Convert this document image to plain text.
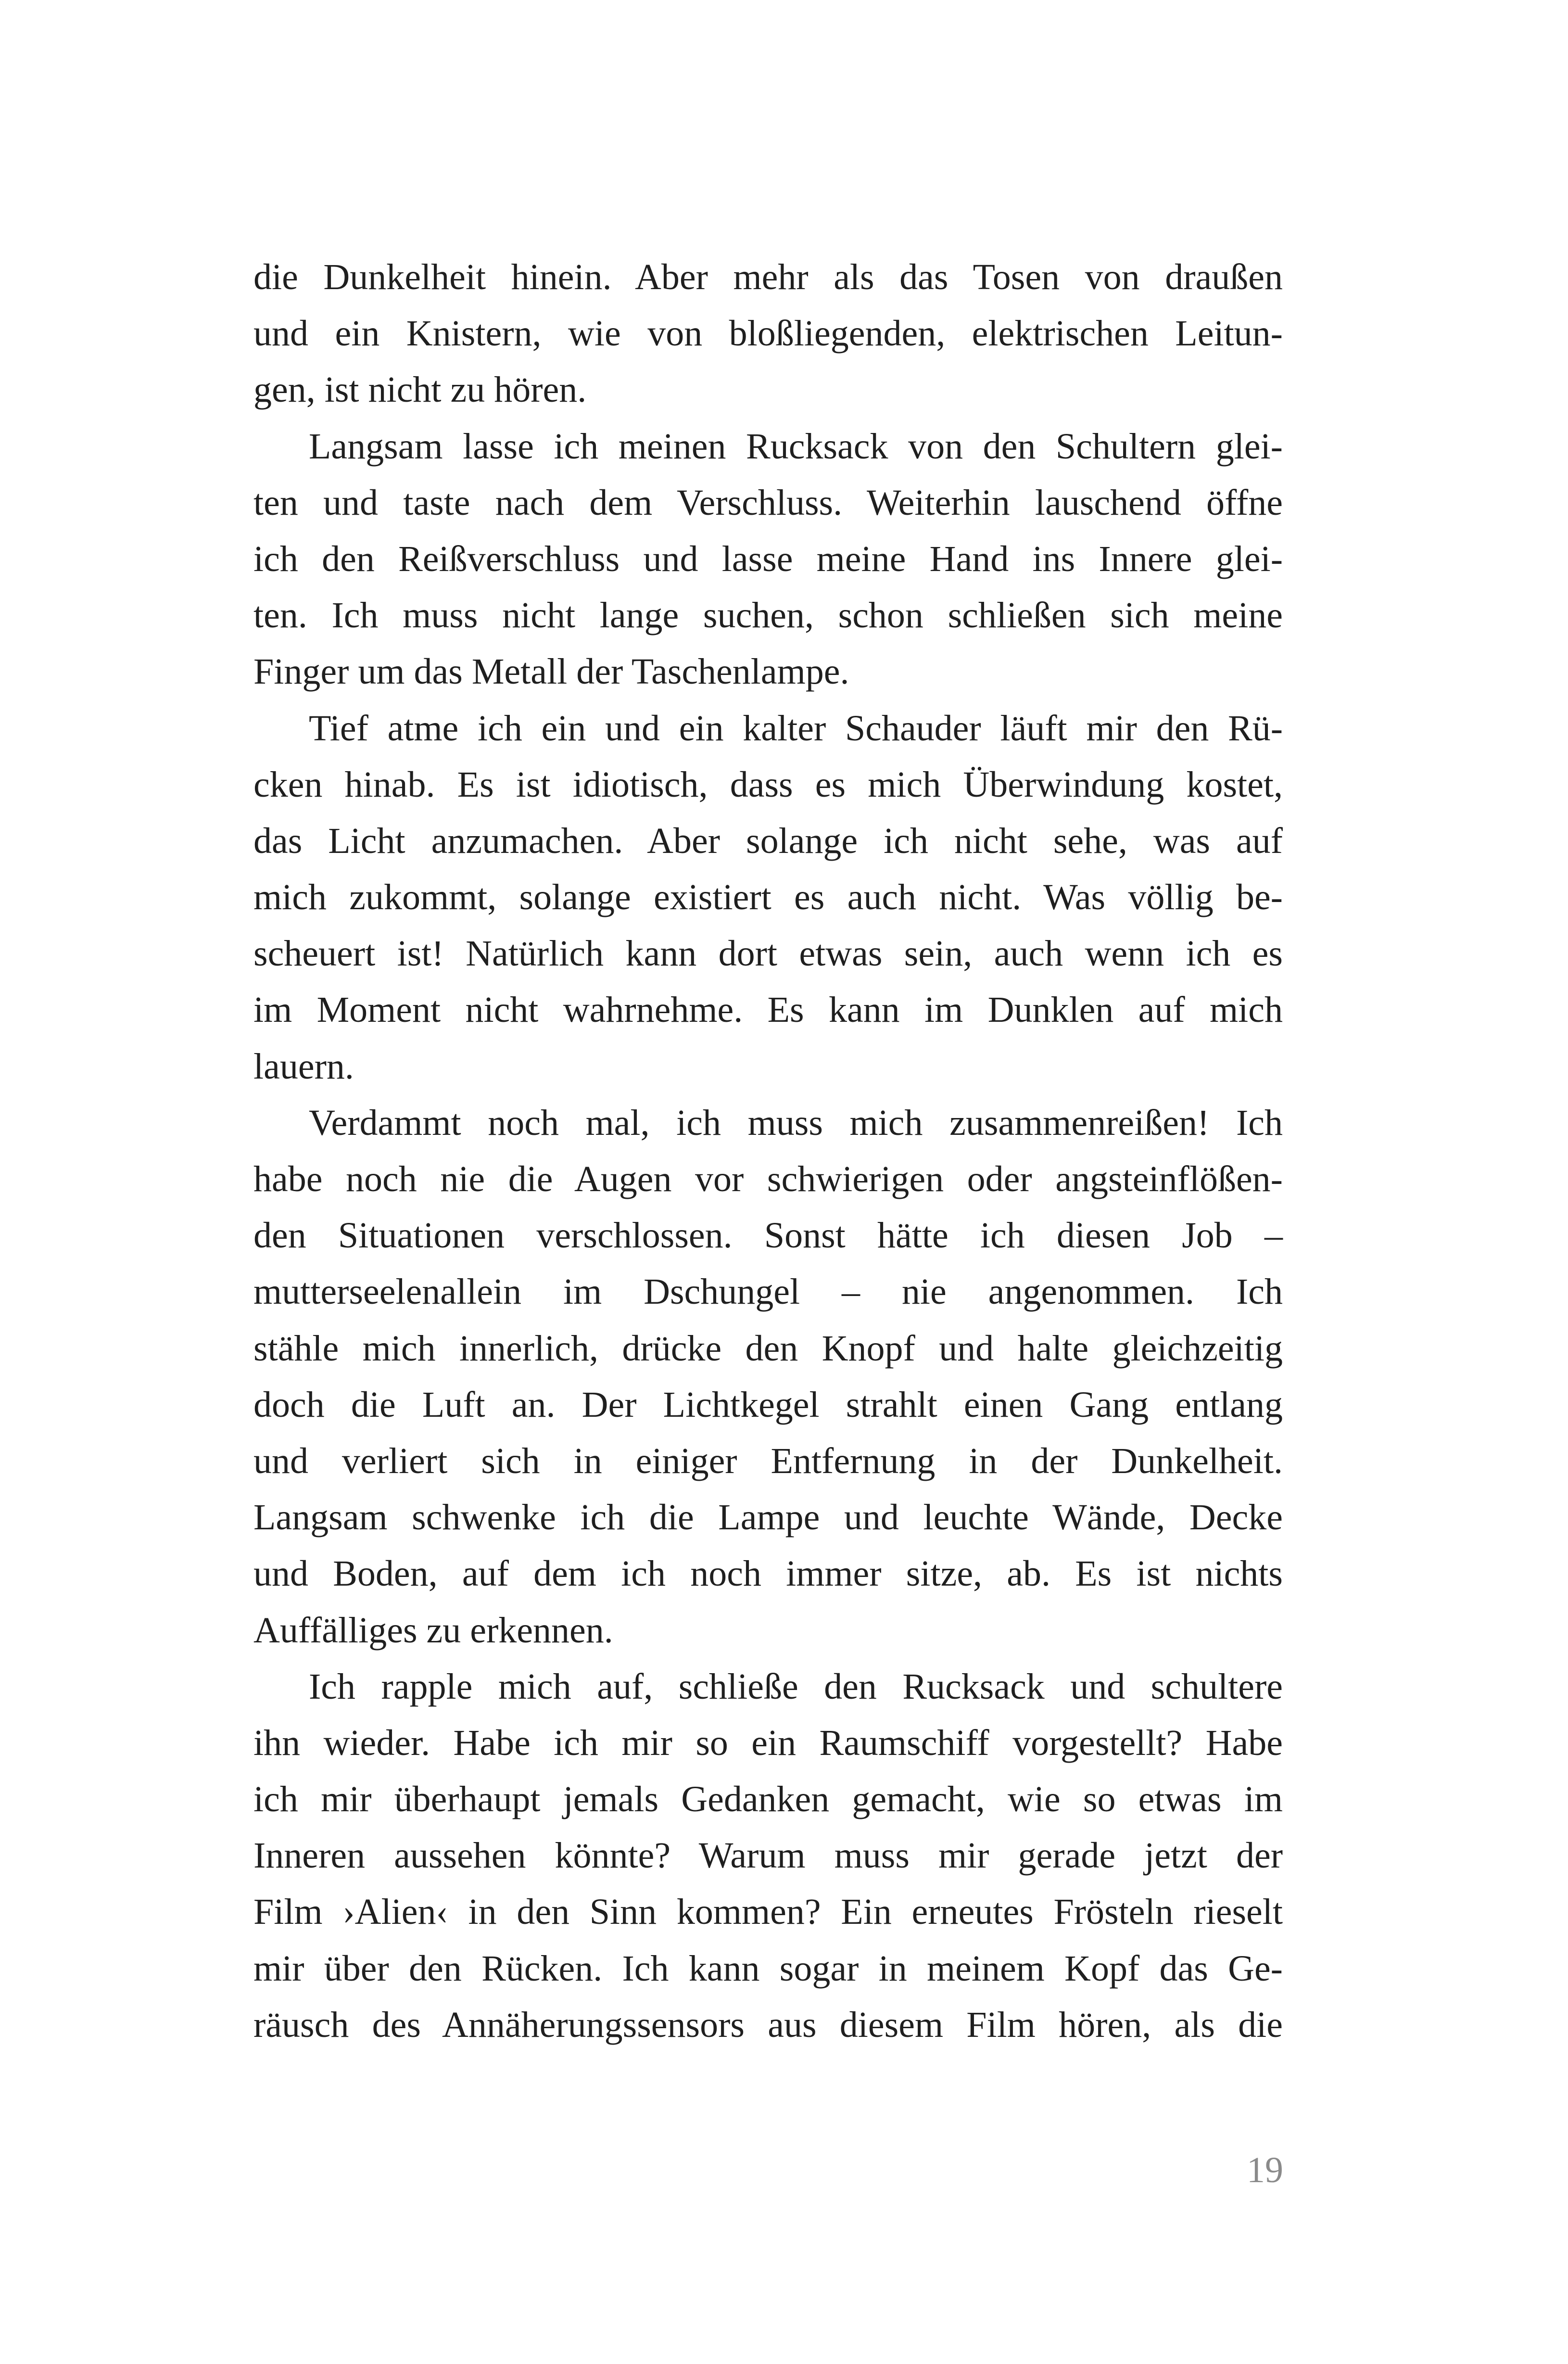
die Dunkelheit hinein. Aber mehr als das Tosen von draußen
und ein Knistern, wie von bloßliegenden, elektrischen Leitun-
gen, ist nicht zu hören.
Langsam lasse ich meinen Rucksack von den Schultern glei-
ten und taste nach dem Verschluss. Weiterhin lauschend öffne
ich den Reißverschluss und lasse meine Hand ins Innere glei-
ten. Ich muss nicht lange suchen, schon schließen sich meine
Finger um das Metall der Taschenlampe.
Tief atme ich ein und ein kalter Schauder läuft mir den Rü-
cken hinab. Es ist idiotisch, dass es mich Überwindung kostet,
das Licht anzumachen. Aber solange ich nicht sehe, was auf
mich zukommt, solange existiert es auch nicht. Was völlig be-
scheuert ist! Natürlich kann dort etwas sein, auch wenn ich es
im Moment nicht wahrnehme. Es kann im Dunklen auf mich
lauern.
Verdammt noch mal, ich muss mich zusammenreißen! Ich
habe noch nie die Augen vor schwierigen oder angsteinflößen-
den Situationen verschlossen. Sonst hätte ich diesen Job –
mutterseelenallein im Dschungel – nie angenommen. Ich
stähle mich innerlich, drücke den Knopf und halte gleichzeitig
doch die Luft an. Der Lichtkegel strahlt einen Gang entlang
und verliert sich in einiger Entfernung in der Dunkelheit.
Langsam schwenke ich die Lampe und leuchte Wände, Decke
und Boden, auf dem ich noch immer sitze, ab. Es ist nichts
Auffälliges zu erkennen.
Ich rapple mich auf, schließe den Rucksack und schultere
ihn wieder. Habe ich mir so ein Raumschiff vorgestellt? Habe
ich mir überhaupt jemals Gedanken gemacht, wie so etwas im
Inneren aussehen könnte? Warum muss mir gerade jetzt der
Film ›Alien‹ in den Sinn kommen? Ein erneutes Frösteln rieselt
mir über den Rücken. Ich kann sogar in meinem Kopf das Ge-
räusch des Annäherungssensors aus diesem Film hören, als die
19
